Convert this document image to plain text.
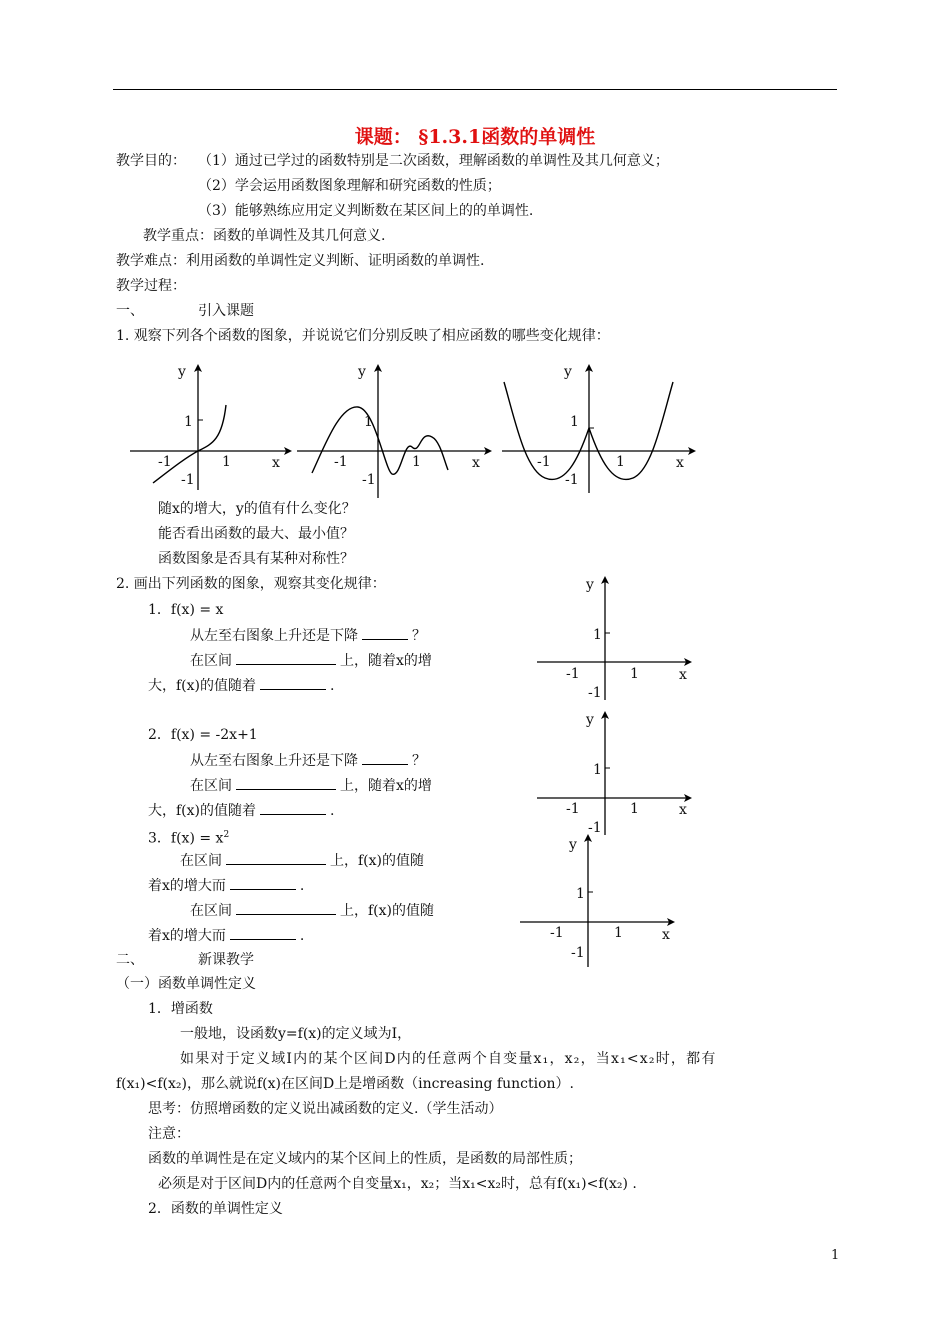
课题： §1.3.1函数的单调性
教学目的： （1）通过已学过的函数特别是二次函数，理解函数的单调性及其几何意义；
（2）学会运用函数图象理解和研究函数的性质；
（3）能够熟练应用定义判断数在某区间上的的单调性.
教学重点：函数的单调性及其几何意义.
教学难点：利用函数的单调性定义判断、证明函数的单调性.
教学过程：
一、	引入课题
1. 观察下列各个函数的图象，并说说它们分别反映了相应函数的哪些变化规律：
y
x
1
-1	1
-1
y
x
1
-1	1
-1
y
x
1
-1	1
-1
y
x
1
-1	1
-1
y
x
1
-1	1
-1
y
x
1
-1	1
-1
随x的增大，y的值有什么变化？
能否看出函数的最大、最小值？
函数图象是否具有某种对称性？
2. 画出下列函数的图象，观察其变化规律：
1．f(x) = x
从左至右图象上升还是下降	？
在区间	上，随着x的增
大，f(x)的值随着	.
2．f(x) = -2x+1
从左至右图象上升还是下降	？
在区间	上，随着x的增
大，f(x)的值随着	.
3．$f(x) = x^2$
在区间	上，f(x)的值随
着x的增大而	.
在区间	上，f(x)的值随
着x的增大而	.
二、	新课教学
（一）函数单调性定义
1．增函数
一般地，设函数y=f(x)的定义域为I，
如果对于定义域I内的某个区间D内的任意两个自变量x₁，x₂，当x₁<x₂时，都有
f(x₁)<f(x₂)，那么就说f(x)在区间D上是增函数（increasing function）.
思考：仿照增函数的定义说出减函数的定义.（学生活动）
注意：
函数的单调性是在定义域内的某个区间上的性质，是函数的局部性质；
必须是对于区间D内的任意两个自变量x₁，x₂；当x₁<x₂时，总有f(x₁)<f(x₂) .
2．函数的单调性定义
1
